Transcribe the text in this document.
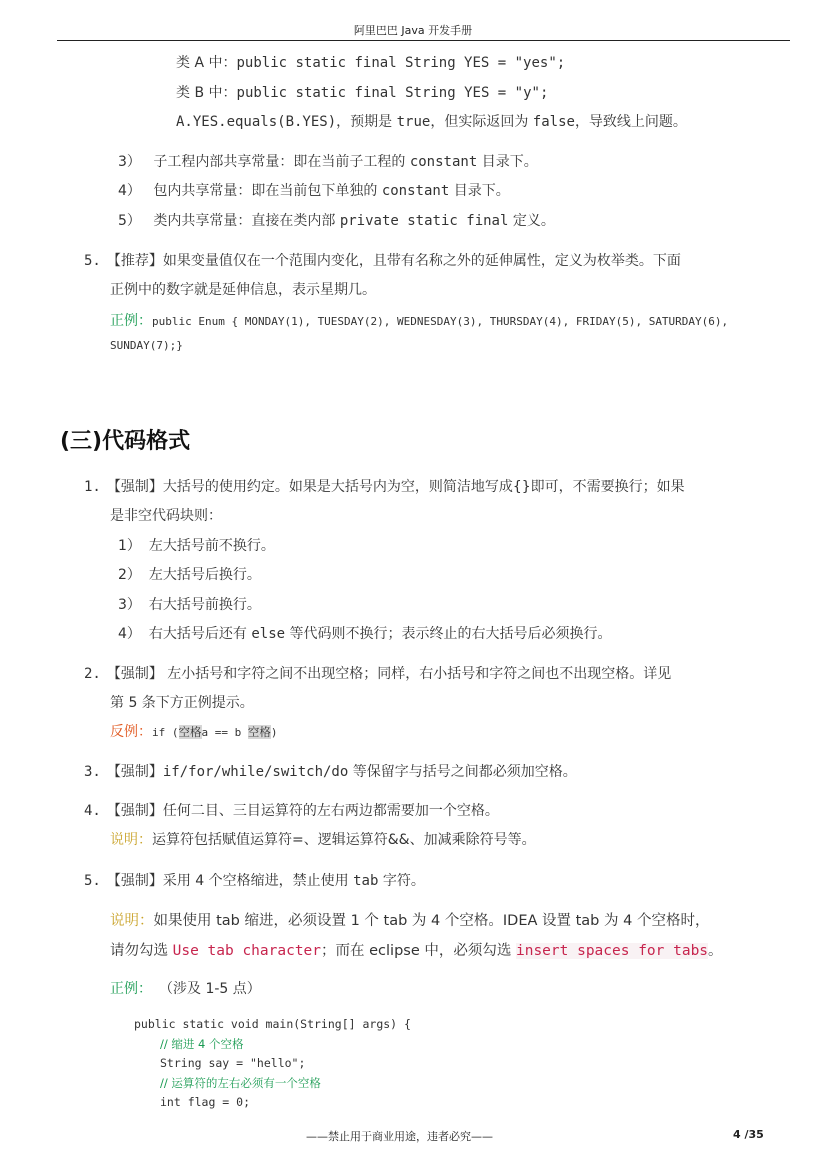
阿里巴巴 Java 开发手册
类 A 中：public static final String YES = "yes";
类 B 中：public static final String YES = "y";
A.YES.equals(B.YES)，预期是 true，但实际返回为 false，导致线上问题。
3） 子工程内部共享常量：即在当前子工程的 constant 目录下。
4） 包内共享常量：即在当前包下单独的 constant 目录下。
5） 类内共享常量：直接在类内部 private static final 定义。
5. 【推荐】如果变量值仅在一个范围内变化，且带有名称之外的延伸属性，定义为枚举类。下面
正例中的数字就是延伸信息，表示星期几。
正例：public Enum { MONDAY(1), TUESDAY(2), WEDNESDAY(3), THURSDAY(4), FRIDAY(5), SATURDAY(6),
SUNDAY(7);}
(三)代码格式
1. 【强制】大括号的使用约定。如果是大括号内为空，则简洁地写成{}即可，不需要换行；如果
是非空代码块则：
1） 左大括号前不换行。
2） 左大括号后换行。
3） 右大括号前换行。
4） 右大括号后还有 else 等代码则不换行；表示终止的右大括号后必须换行。
2. 【强制】 左小括号和字符之间不出现空格；同样，右小括号和字符之间也不出现空格。详见
第 5 条下方正例提示。
反例：if (空格a == b 空格)
3. 【强制】if/for/while/switch/do 等保留字与括号之间都必须加空格。
4. 【强制】任何二目、三目运算符的左右两边都需要加一个空格。
说明：运算符包括赋值运算符=、逻辑运算符&&、加减乘除符号等。
5. 【强制】采用 4 个空格缩进，禁止使用 tab 字符。
说明：如果使用 tab 缩进，必须设置 1 个 tab 为 4 个空格。IDEA 设置 tab 为 4 个空格时，
请勿勾选 Use tab character；而在 eclipse 中，必须勾选 insert spaces for tabs。
正例： （涉及 1-5 点）
public static void main(String[] args) {
// 缩进 4 个空格
String say = "hello";
// 运算符的左右必须有一个空格
int flag = 0;
——禁止用于商业用途，违者必究——	4 /35
